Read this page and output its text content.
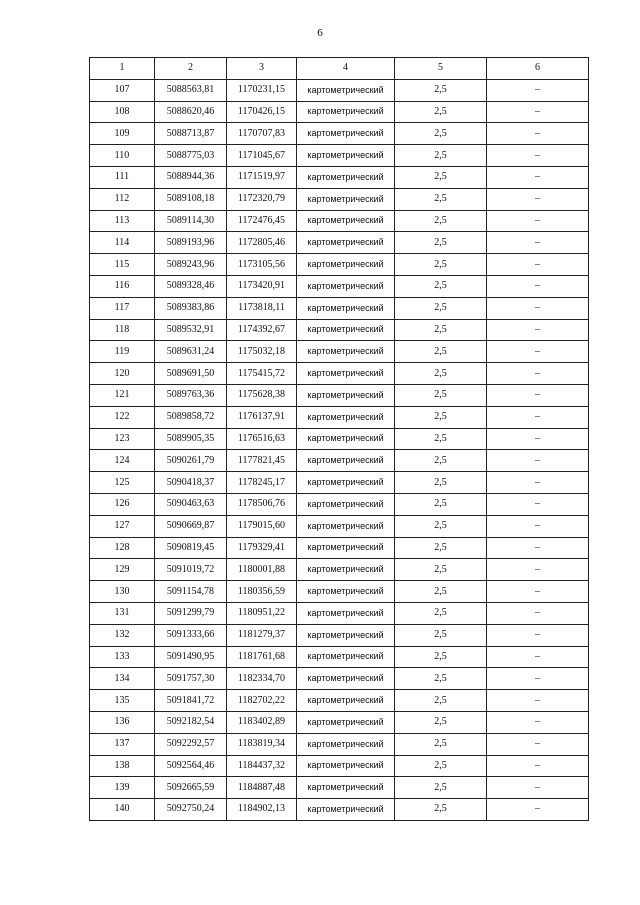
6
1	2	3	4	5	6
107	5088563,81	1170231,15	картометрический	2,5	–
108	5088620,46	1170426,15	картометрический	2,5	–
109	5088713,87	1170707,83	картометрический	2,5	–
110	5088775,03	1171045,67	картометрический	2,5	–
111	5088944,36	1171519,97	картометрический	2,5	–
112	5089108,18	1172320,79	картометрический	2,5	–
113	5089114,30	1172476,45	картометрический	2,5	–
114	5089193,96	1172805,46	картометрический	2,5	–
115	5089243,96	1173105,56	картометрический	2,5	–
116	5089328,46	1173420,91	картометрический	2,5	–
117	5089383,86	1173818,11	картометрический	2,5	–
118	5089532,91	1174392,67	картометрический	2,5	–
119	5089631,24	1175032,18	картометрический	2,5	–
120	5089691,50	1175415,72	картометрический	2,5	–
121	5089763,36	1175628,38	картометрический	2,5	–
122	5089858,72	1176137,91	картометрический	2,5	–
123	5089905,35	1176516,63	картометрический	2,5	–
124	5090261,79	1177821,45	картометрический	2,5	–
125	5090418,37	1178245,17	картометрический	2,5	–
126	5090463,63	1178506,76	картометрический	2,5	–
127	5090669,87	1179015,60	картометрический	2,5	–
128	5090819,45	1179329,41	картометрический	2,5	–
129	5091019,72	1180001,88	картометрический	2,5	–
130	5091154,78	1180356,59	картометрический	2,5	–
131	5091299,79	1180951,22	картометрический	2,5	–
132	5091333,66	1181279,37	картометрический	2,5	–
133	5091490,95	1181761,68	картометрический	2,5	–
134	5091757,30	1182334,70	картометрический	2,5	–
135	5091841,72	1182702,22	картометрический	2,5	–
136	5092182,54	1183402,89	картометрический	2,5	–
137	5092292,57	1183819,34	картометрический	2,5	–
138	5092564,46	1184437,32	картометрический	2,5	–
139	5092665,59	1184887,48	картометрический	2,5	–
140	5092750,24	1184902,13	картометрический	2,5	–
